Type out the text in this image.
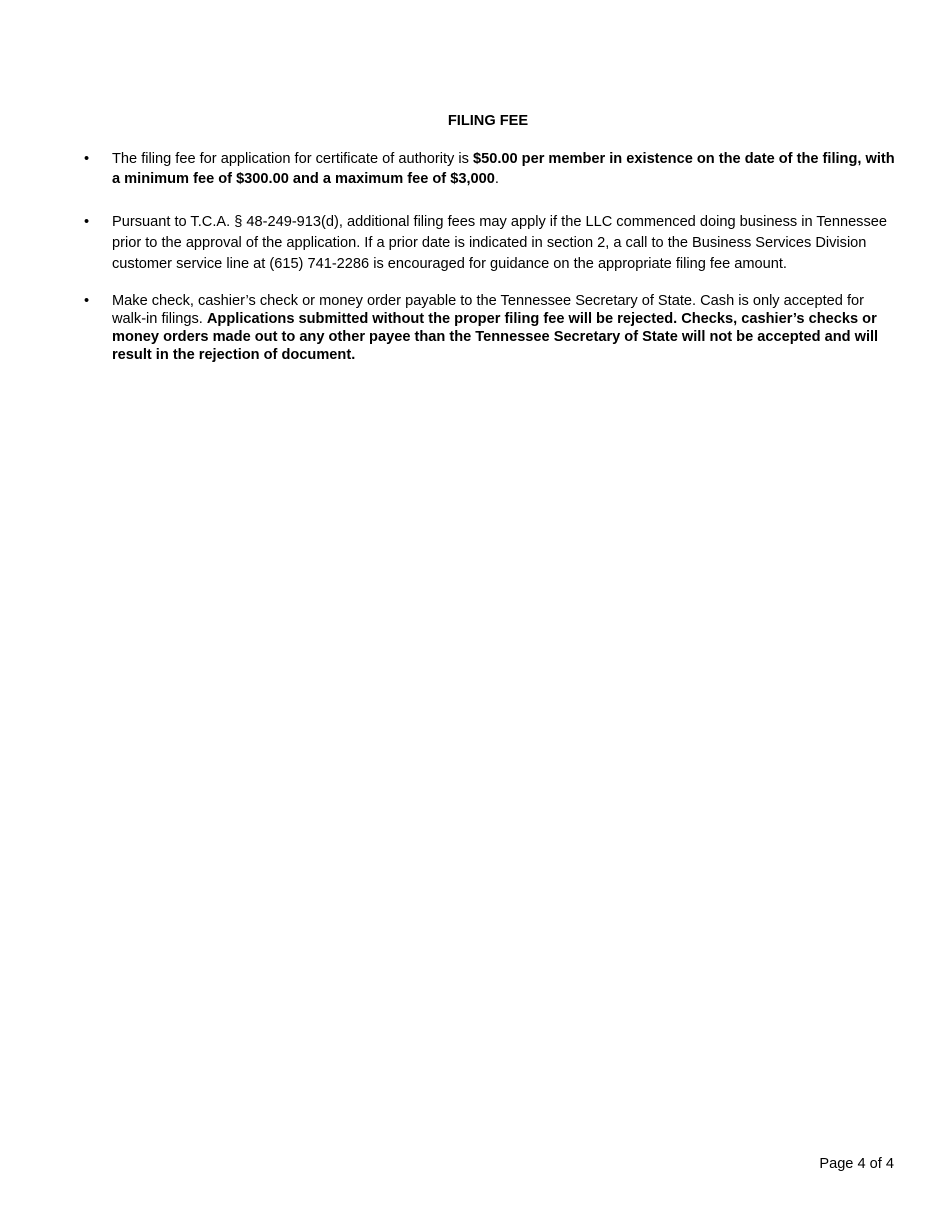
FILING FEE
• The filing fee for application for certificate of authority is $50.00 per member in existence on the date of the filing, with a minimum fee of $300.00 and a maximum fee of $3,000.
• Pursuant to T.C.A. § 48-249-913(d), additional filing fees may apply if the LLC commenced doing business in Tennessee prior to the approval of the application. If a prior date is indicated in section 2, a call to the Business Services Division customer service line at (615) 741-2286 is encouraged for guidance on the appropriate filing fee amount.
• Make check, cashier’s check or money order payable to the Tennessee Secretary of State. Cash is only accepted for walk-in filings. Applications submitted without the proper filing fee will be rejected. Checks, cashier’s checks or money orders made out to any other payee than the Tennessee Secretary of State will not be accepted and will result in the rejection of document.
Page 4 of 4
